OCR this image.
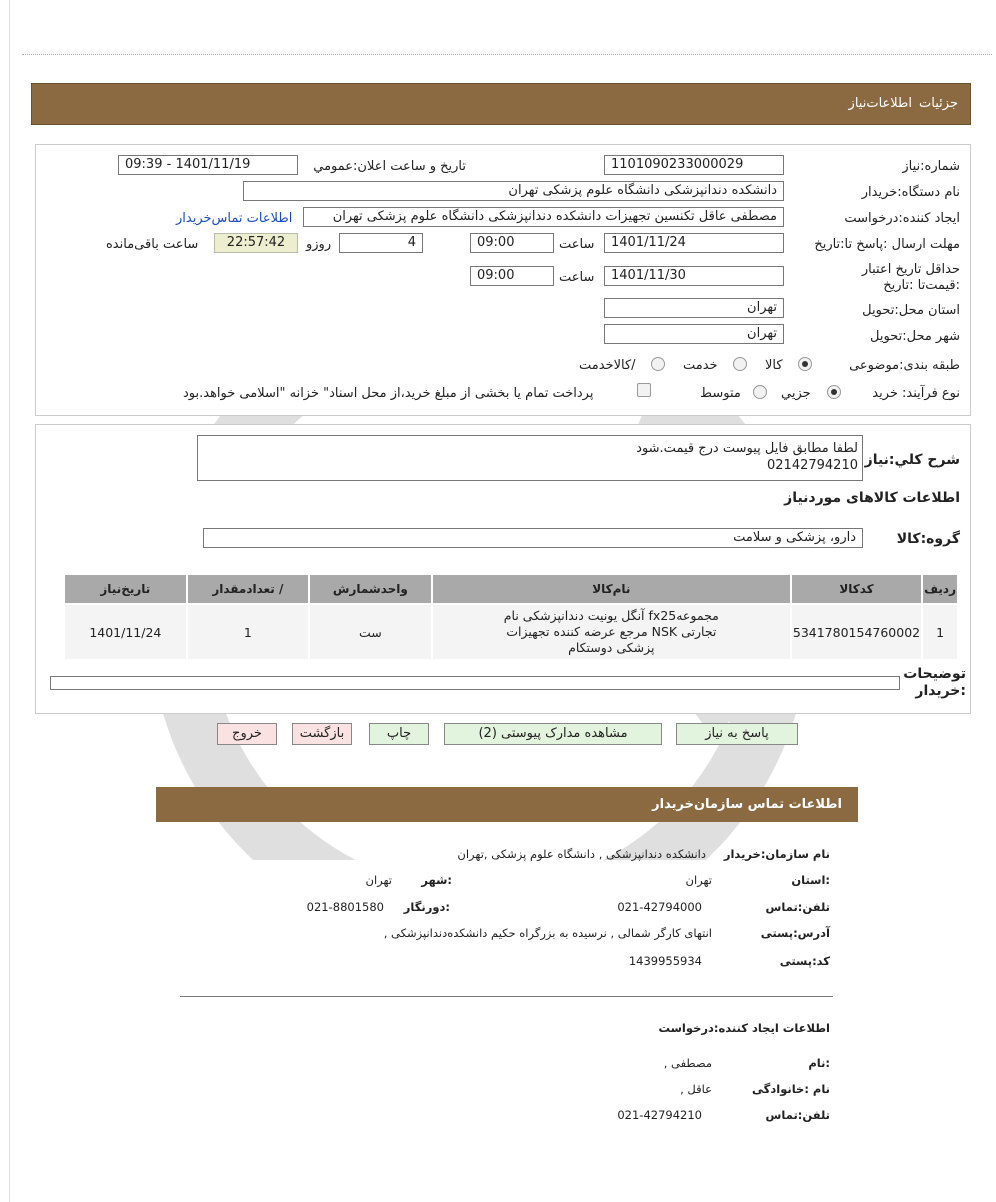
جزئیات
اطلاعات‌نیاز
شماره:نیاز
1101090233000029
تاریخ و ساعت اعلان:عمومي
1401/11/19 - 09:39
نام دستگاه:خریدار
دانشکده دندانپزشکی دانشگاه علوم پزشکی تهران
ایجاد کننده:درخواست
مصطفی عاقل تکنسین تجهیزات دانشکده دندانپزشکی دانشگاه علوم پزشکی تهران
اطلاعات تماس‌خریدار
مهلت ارسال :پاسخ تا:تاریخ
1401/11/24
ساعت
09:00
4
روزو
22:57:42
ساعت باقی‌مانده
حداقل تاریخ اعتبار :قیمت‌تا :تاریخ
1401/11/30
ساعت
09:00
استان محل:تحویل
تهران
شهر محل:تحویل
تهران
طبقه بندی:موضوعی
کالا
خدمت
/کالاخدمت
نوع فرآیند: خرید
جزيي
متوسط
پرداخت تمام یا بخشی از مبلغ خرید،از محل اسناد" خزانه "اسلامی خواهد.بود
شرح کلي:نیاز
لطفا مطابق فایل پیوست درج قیمت.شود
02142794210
اطلاعات کالاهای موردنیاز
گروه:کالا
دارو، پزشکی و سلامت
ردیف	کدکالا	نام‌کالا	واحدشمارش	/ تعدادمقدار	تاریخ‌نیاز
1	5341780154760002	مجموعهfx25 آنگل یونیت دندانپزشکی نام تجارتی NSK مرجع عرضه کننده تجهیزات پزشکی دوستکام	ست	1	1401/11/24
توضیحات :خریدار
پاسخ به نیاز
مشاهده مدارک پیوستی (2)
چاپ
بازگشت
خروج
اطلاعات تماس سازمان‌خریدار
نام سازمان:خریدار
دانشکده دندانپزشکی , دانشگاه علوم پزشکی ,تهران
:استان
تهران
:شهر
تهران
تلفن:تماس
021-42794000
:دورنگار
021-8801580
آدرس:پستی
انتهای کارگر شمالی , نرسیده به بزرگراه حکیم دانشکده‌دندانپزشکی ,
کد:پستی
1439955934
اطلاعات ایجاد کننده:درخواست
:نام
مصطفی ,
نام :خانوادگی
عاقل ,
تلفن:تماس
021-42794210
